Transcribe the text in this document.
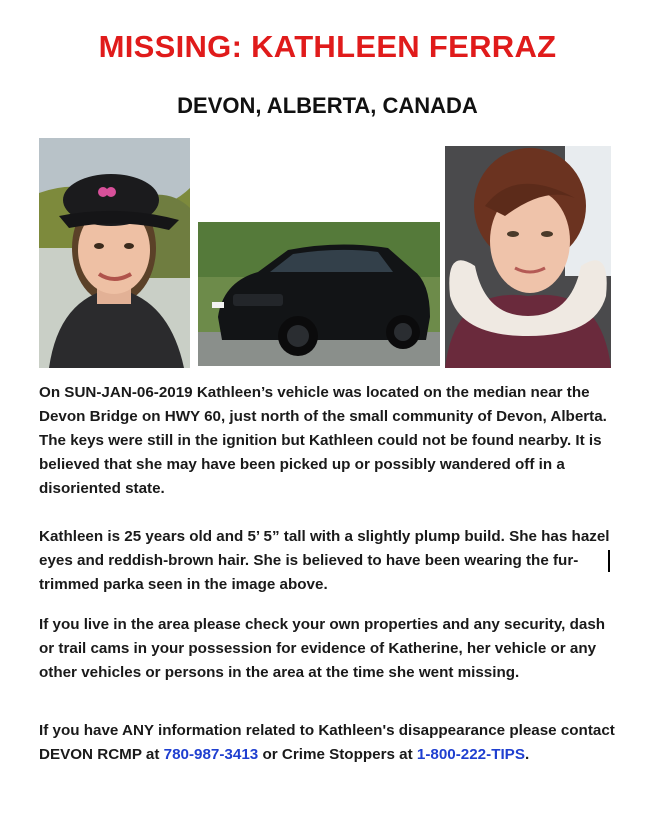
MISSING: KATHLEEN FERRAZ
DEVON, ALBERTA, CANADA

On SUN-JAN-06-2019 Kathleen’s vehicle was located on the median near the Devon Bridge on HWY 60, just north of the small community of Devon, Alberta. The keys were still in the ignition but Kathleen could not be found nearby. It is believed that she may have been picked up or possibly wandered off in a disoriented state.

Kathleen is 25 years old and 5’ 5” tall with a slightly plump build. She has hazel eyes and reddish-brown hair. She is believed to have been wearing the fur-trimmed parka seen in the image above.

If you live in the area please check your own properties and any security, dash or trail cams in your possession for evidence of Katherine, her vehicle or any other vehicles or persons in the area at the time she went missing.

If you have ANY information related to Kathleen's disappearance please contact DEVON RCMP at 780-987-3413 or Crime Stoppers at 1-800-222-TIPS.
